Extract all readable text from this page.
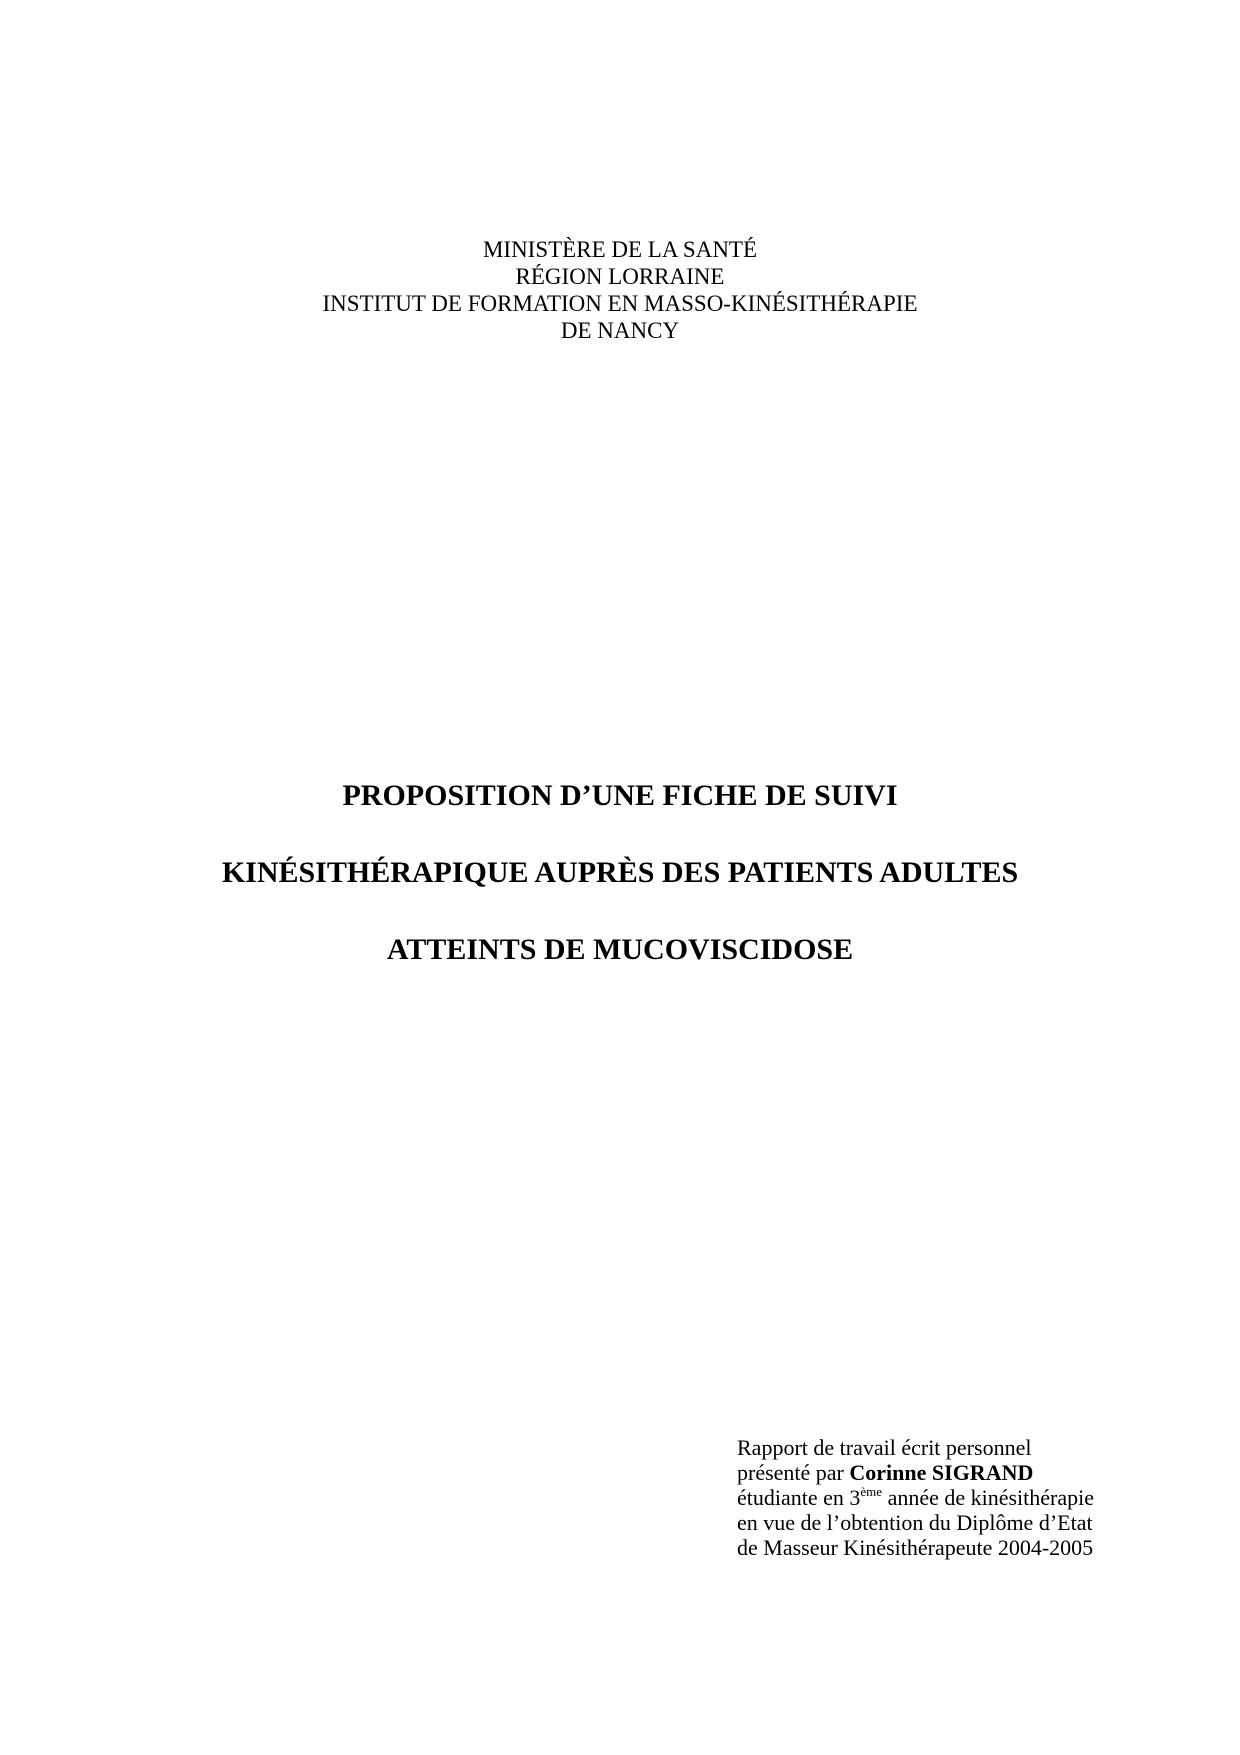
MINISTÈRE DE LA SANTÉ
RÉGION LORRAINE
INSTITUT DE FORMATION EN MASSO-KINÉSITHÉRAPIE
DE NANCY
PROPOSITION D’UNE FICHE DE SUIVI
KINÉSITHÉRAPIQUE AUPRÈS DES PATIENTS ADULTES
ATTEINTS DE MUCOVISCIDOSE
Rapport de travail écrit personnel
présenté par Corinne SIGRAND
étudiante en 3ème année de kinésithérapie
en vue de l’obtention du Diplôme d’Etat
de Masseur Kinésithérapeute 2004-2005
